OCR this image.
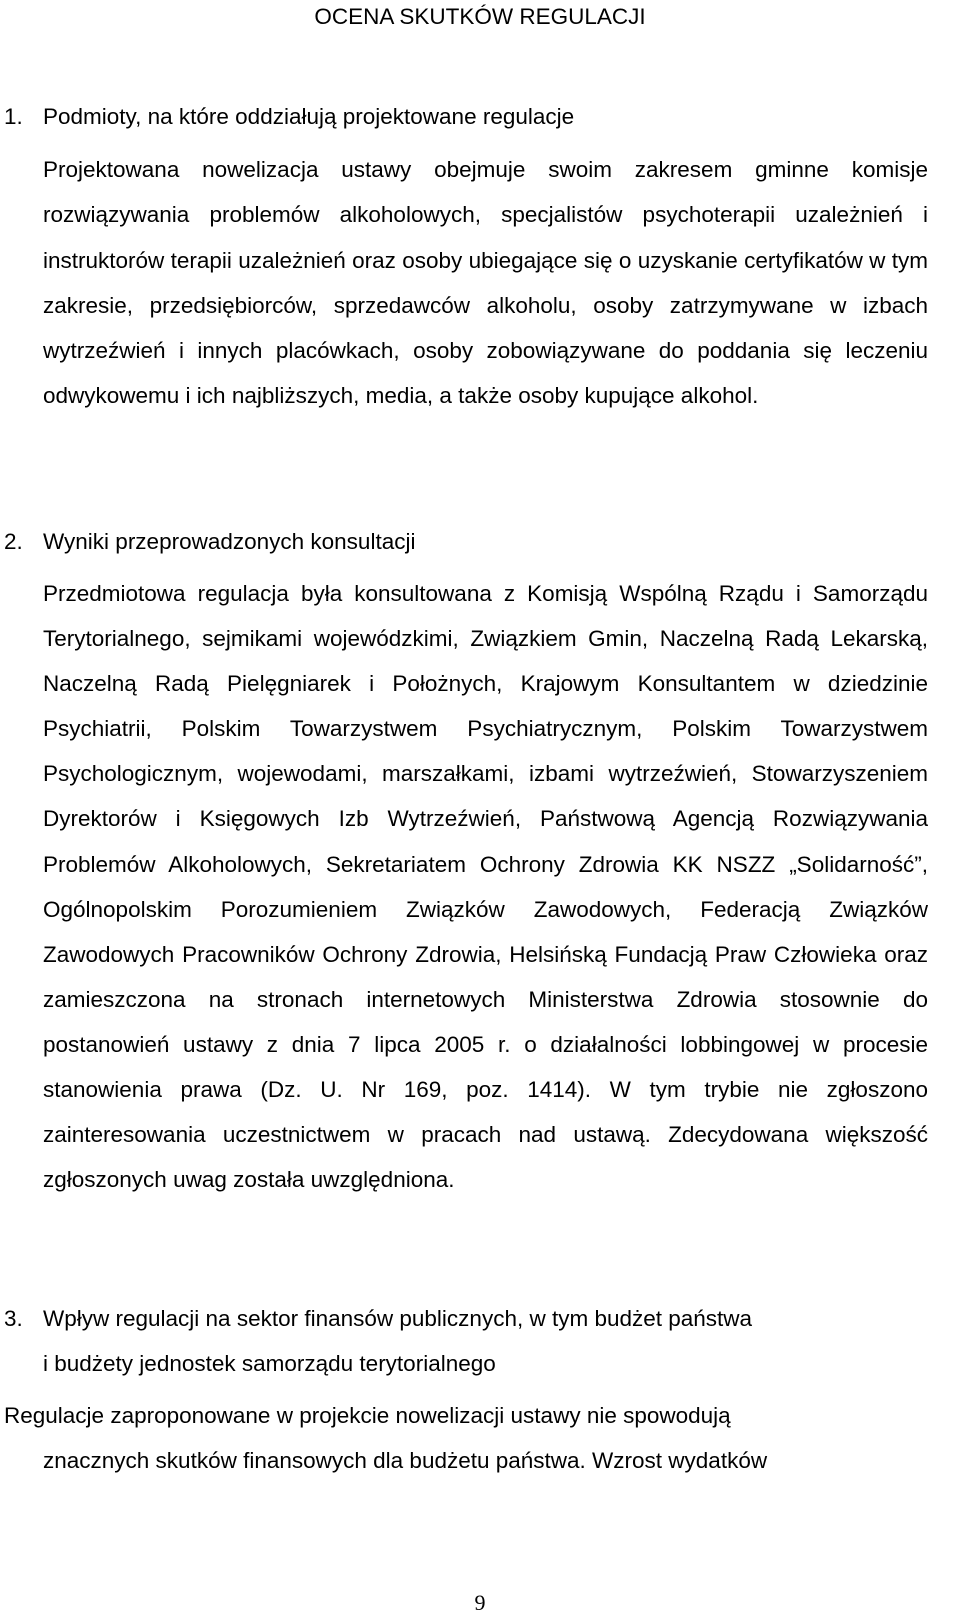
OCENA SKUTKÓW REGULACJI
1. Podmioty, na które oddziałują projektowane regulacje
Projektowana nowelizacja ustawy obejmuje swoim zakresem gminne komisje rozwiązywania problemów alkoholowych, specjalistów psychoterapii uzależnień i instruktorów terapii uzależnień oraz osoby ubiegające się o uzyskanie certyfikatów w tym zakresie, przedsiębiorców, sprzedawców alkoholu, osoby zatrzymywane w izbach wytrzeźwień i innych placówkach, osoby zobowiązywane do poddania się leczeniu odwykowemu i ich najbliższych, media, a także osoby kupujące alkohol.
2. Wyniki przeprowadzonych konsultacji
Przedmiotowa regulacja była konsultowana z Komisją Wspólną Rządu i Samorządu Terytorialnego, sejmikami wojewódzkimi, Związkiem Gmin, Naczelną Radą Lekarską, Naczelną Radą Pielęgniarek i Położnych, Krajowym Konsultantem w dziedzinie Psychiatrii, Polskim Towarzystwem Psychiatrycznym, Polskim Towarzystwem Psychologicznym, wojewodami, marszałkami, izbami wytrzeźwień, Stowarzyszeniem Dyrektorów i Księgowych Izb Wytrzeźwień, Państwową Agencją Rozwiązywania Problemów Alkoholowych, Sekretariatem Ochrony Zdrowia KK NSZZ „Solidarność”, Ogólnopolskim Porozumieniem Związków Zawodowych, Federacją Związków Zawodowych Pracowników Ochrony Zdrowia, Helsińską Fundacją Praw Człowieka oraz zamieszczona na stronach internetowych Ministerstwa Zdrowia stosownie do postanowień ustawy z dnia 7 lipca 2005 r. o działalności lobbingowej w procesie stanowienia prawa (Dz. U. Nr 169, poz. 1414). W tym trybie nie zgłoszono zainteresowania uczestnictwem w pracach nad ustawą. Zdecydowana większość zgłoszonych uwag została uwzględniona.
3. Wpływ regulacji na sektor finansów publicznych, w tym budżet państwa
i budżety jednostek samorządu terytorialnego
Regulacje zaproponowane w projekcie nowelizacji ustawy nie spowodują
znacznych skutków finansowych dla budżetu państwa. Wzrost wydatków
9
